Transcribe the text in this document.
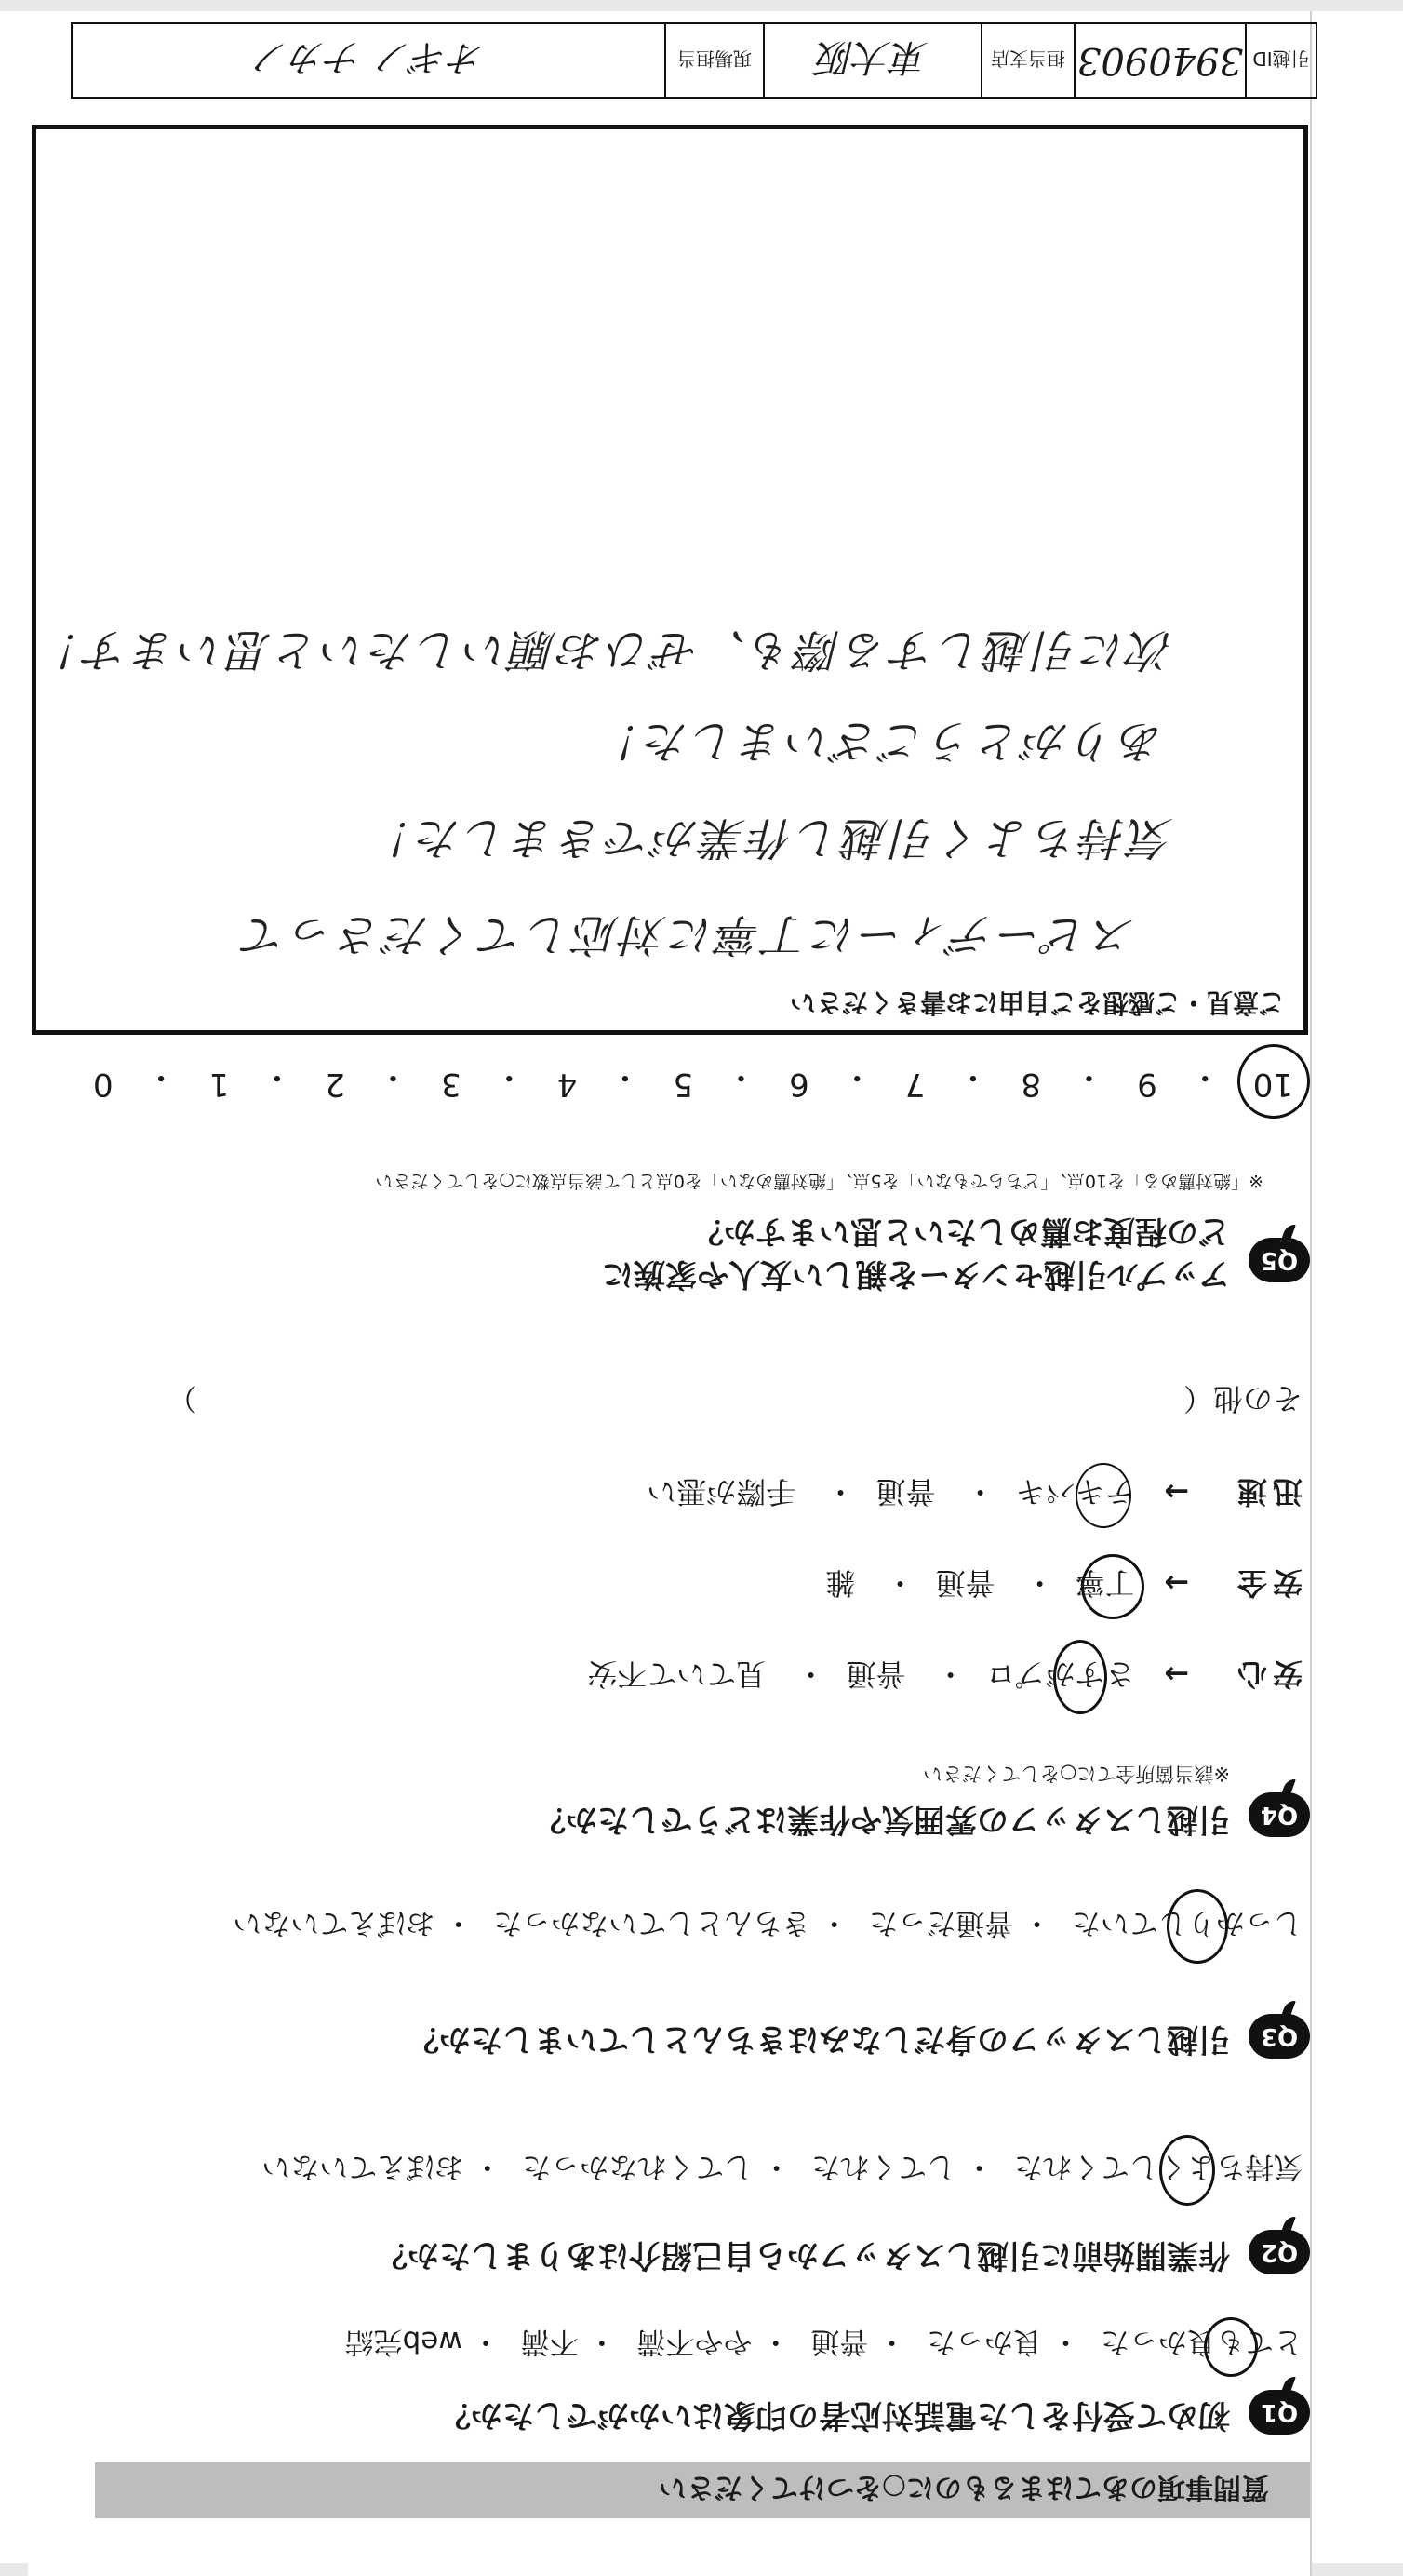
質問事項のあてはまるものに○をつけてください
Q1
初めて受付をした電話対応者の印象はいかがでしたか？
とても良かった・ 良かった・ 普通・ やや不満・ 不満・ web完結
Q2
作業開始前に引越しスタッフから自己紹介はありましたか？
気持ちよくしてくれた・ してくれた・ してくれなかった・ おぼえていない
Q3
引越しスタッフの身だしなみはきちんとしていましたか？
しっかりしていた・ 普通だった・ きちんとしていなかった・ おぼえていない
Q4
引越しスタッフの雰囲気や作業はどうでしたか？
※該当箇所全てに○をしてください
安心 → さすがプロ・ 普通・ 見ていて不安
安全 → 丁寧・ 普通・ 雑
迅速 → テキパキ・ 普通・ 手際が悪い
その他（  ）
Q5
アップル引越センターを親しい友人や家族に
どの程度お薦めしたいと思いますか？
※「絶対薦める」を10点、「どちらでもない」を5点、「絶対薦めない」を0点として該当点数に○をしてください
10
・
9
・
8
・
7
・
6
・
5
・
4
・
3
・
2
・
1
・
0
ご意見・ご感想をご自由にお書きください
スピーディーに丁寧に対応してくださって
気持ちよく引越し作業ができました！
ありがとうございました！
次に引越しする際も、ぜひお願いしたいと思います！
引越ID
3940903
担当支店
東大阪
現場担当
オギノ ナカノ
